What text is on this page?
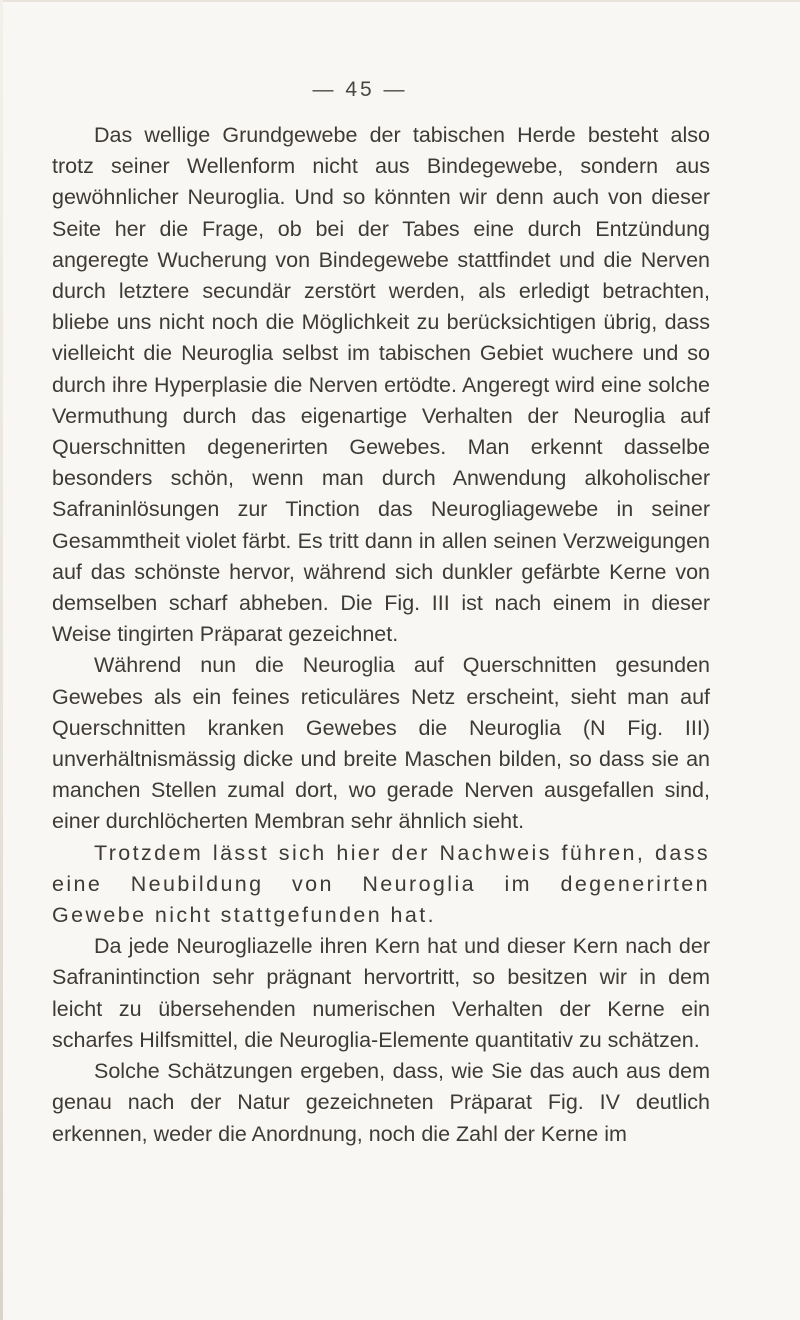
— 45 —

Das wellige Grundgewebe der tabischen Herde besteht also trotz seiner Wellenform nicht aus Bindegewebe, sondern aus gewöhnlicher Neuroglia. Und so könnten wir denn auch von dieser Seite her die Frage, ob bei der Tabes eine durch Entzündung angeregte Wucherung von Bindegewebe stattfindet und die Nerven durch letztere secundär zerstört werden, als erledigt betrachten, bliebe uns nicht noch die Möglichkeit zu berücksichtigen übrig, dass vielleicht die Neuroglia selbst im tabischen Gebiet wuchere und so durch ihre Hyperplasie die Nerven ertödte. Angeregt wird eine solche Vermuthung durch das eigenartige Verhalten der Neuroglia auf Querschnitten degenerirten Gewebes. Man erkennt dasselbe besonders schön, wenn man durch Anwendung alkoholischer Safraninlösungen zur Tinction das Neurogliagewebe in seiner Gesammtheit violet färbt. Es tritt dann in allen seinen Verzweigungen auf das schönste hervor, während sich dunkler gefärbte Kerne von demselben scharf abheben. Die Fig. III ist nach einem in dieser Weise tingirten Präparat gezeichnet.

Während nun die Neuroglia auf Querschnitten gesunden Gewebes als ein feines reticuläres Netz erscheint, sieht man auf Querschnitten kranken Gewebes die Neuroglia (N Fig. III) unverhältnismässig dicke und breite Maschen bilden, so dass sie an manchen Stellen zumal dort, wo gerade Nerven ausgefallen sind, einer durchlöcherten Membran sehr ähnlich sieht.

Trotzdem lässt sich hier der Nachweis führen, dass eine Neubildung von Neuroglia im degenerirten Gewebe nicht stattgefunden hat.

Da jede Neurogliazelle ihren Kern hat und dieser Kern nach der Safranintinction sehr prägnant hervortritt, so besitzen wir in dem leicht zu übersehenden numerischen Verhalten der Kerne ein scharfes Hilfsmittel, die Neuroglia-Elemente quantitativ zu schätzen.

Solche Schätzungen ergeben, dass, wie Sie das auch aus dem genau nach der Natur gezeichneten Präparat Fig. IV deutlich erkennen, weder die Anordnung, noch die Zahl der Kerne im
